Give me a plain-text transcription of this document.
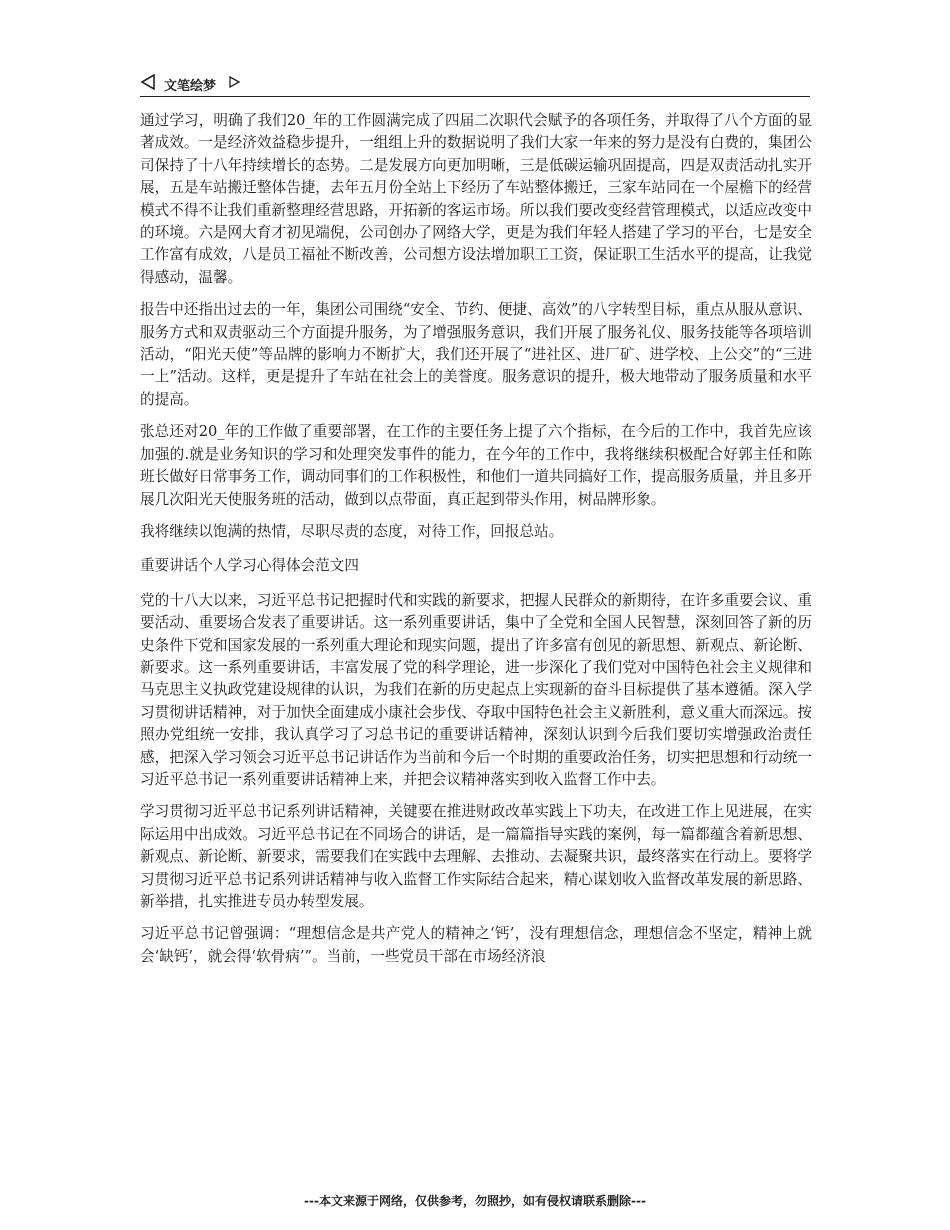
文笔绘梦

通过学习，明确了我们20_年的工作圆满完成了四届二次职代会赋予的各项任务，并取得了八个方面的显著成效。一是经济效益稳步提升，一组组上升的数据说明了我们大家一年来的努力是没有白费的，集团公司保持了十八年持续增长的态势。二是发展方向更加明晰，三是低碳运输巩固提高，四是双责活动扎实开展，五是车站搬迁整体告捷，去年五月份全站上下经历了车站整体搬迁，三家车站同在一个屋檐下的经营模式不得不让我们重新整理经营思路，开拓新的客运市场。所以我们要改变经营管理模式，以适应改变中的环境。六是网大育才初见端倪，公司创办了网络大学，更是为我们年轻人搭建了学习的平台，七是安全工作富有成效，八是员工福祉不断改善，公司想方设法增加职工工资，保证职工生活水平的提高，让我觉得感动，温馨。

报告中还指出过去的一年，集团公司围绕“安全、节约、便捷、高效”的八字转型目标，重点从服从意识、服务方式和双责驱动三个方面提升服务，为了增强服务意识，我们开展了服务礼仪、服务技能等各项培训活动，“阳光天使”等品牌的影响力不断扩大，我们还开展了“进社区、进厂矿、进学校、上公交”的“三进一上”活动。这样，更是提升了车站在社会上的美誉度。服务意识的提升，极大地带动了服务质量和水平的提高。

张总还对20_年的工作做了重要部署，在工作的主要任务上提了六个指标，在今后的工作中，我首先应该加强的.就是业务知识的学习和处理突发事件的能力，在今年的工作中，我将继续积极配合好郭主任和陈班长做好日常事务工作，调动同事们的工作积极性，和他们一道共同搞好工作，提高服务质量，并且多开展几次阳光天使服务班的活动，做到以点带面，真正起到带头作用，树品牌形象。

我将继续以饱满的热情，尽职尽责的态度，对待工作，回报总站。

重要讲话个人学习心得体会范文四

党的十八大以来，习近平总书记把握时代和实践的新要求，把握人民群众的新期待，在许多重要会议、重要活动、重要场合发表了重要讲话。这一系列重要讲话，集中了全党和全国人民智慧，深刻回答了新的历史条件下党和国家发展的一系列重大理论和现实问题，提出了许多富有创见的新思想、新观点、新论断、新要求。这一系列重要讲话，丰富发展了党的科学理论，进一步深化了我们党对中国特色社会主义规律和马克思主义执政党建设规律的认识，为我们在新的历史起点上实现新的奋斗目标提供了基本遵循。深入学习贯彻讲话精神，对于加快全面建成小康社会步伐、夺取中国特色社会主义新胜利，意义重大而深远。按照办党组统一安排，我认真学习了习总书记的重要讲话精神，深刻认识到今后我们要切实增强政治责任感，把深入学习领会习近平总书记讲话作为当前和今后一个时期的重要政治任务，切实把思想和行动统一习近平总书记一系列重要讲话精神上来，并把会议精神落实到收入监督工作中去。

学习贯彻习近平总书记系列讲话精神，关键要在推进财政改革实践上下功夫，在改进工作上见进展，在实际运用中出成效。习近平总书记在不同场合的讲话，是一篇篇指导实践的案例，每一篇都蕴含着新思想、新观点、新论断、新要求，需要我们在实践中去理解、去推动、去凝聚共识，最终落实在行动上。要将学习贯彻习近平总书记系列讲话精神与收入监督工作实际结合起来，精心谋划收入监督改革发展的新思路、新举措，扎实推进专员办转型发展。

习近平总书记曾强调：“理想信念是共产党人的精神之‘钙’，没有理想信念，理想信念不坚定，精神上就会‘缺钙’，就会得‘软骨病’”。当前，一些党员干部在市场经济浪

---本文来源于网络，仅供参考，勿照抄，如有侵权请联系删除---
